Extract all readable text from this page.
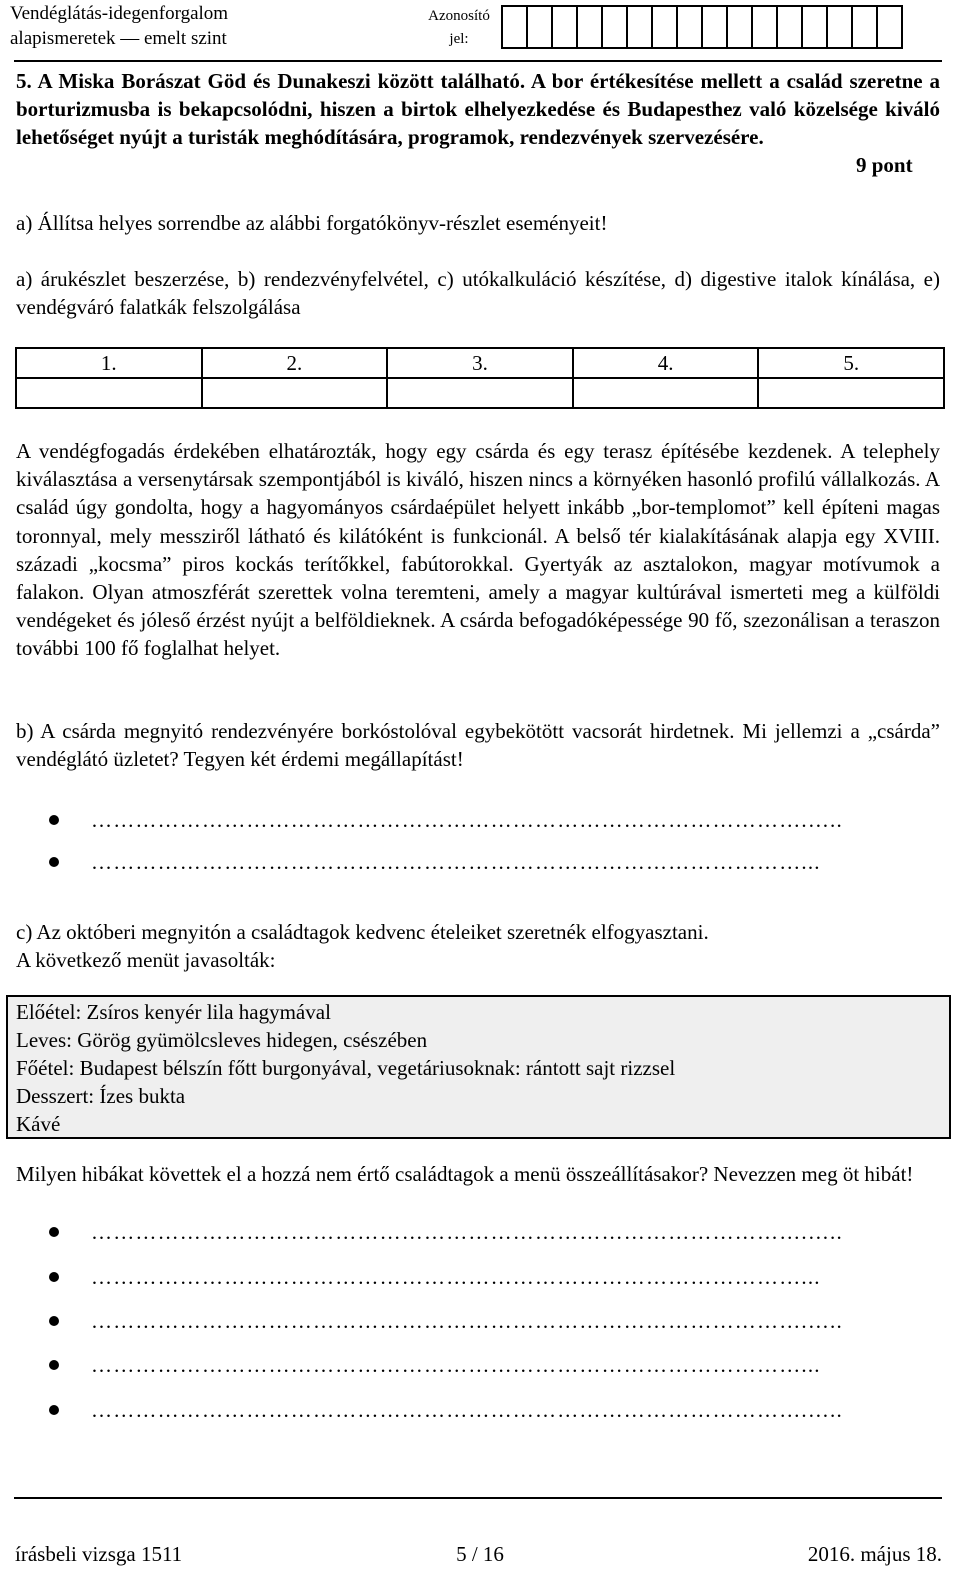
Vendéglátás-idegenforgalom
alapismeretek — emelt szint
Azonosító
jel:
5. A Miska Borászat Göd és Dunakeszi között található. A bor értékesítése mellett a család szeretne a borturizmusba is bekapcsolódni, hiszen a birtok elhelyezkedése és Budapesthez való közelsége kiváló lehetőséget nyújt a turisták meghódítására, programok, rendezvények szervezésére.
9 pont
a) Állítsa helyes sorrendbe az alábbi forgatókönyv-részlet eseményeit!
a) árukészlet beszerzése, b) rendezvényfelvétel, c) utókalkuláció készítése, d) digestive italok kínálása, e) vendégváró falatkák felszolgálása
1.	2.	3.	4.	5.

A vendégfogadás érdekében elhatározták, hogy egy csárda és egy terasz építésébe kezdenek. A telephely kiválasztása a versenytársak szempontjából is kiváló, hiszen nincs a környéken hasonló profilú vállalkozás. A család úgy gondolta, hogy a hagyományos csárdaépület helyett inkább „bor-templomot” kell építeni magas toronnyal, mely messziről látható és kilátóként is funkcionál. A belső tér kialakításának alapja egy XVIII. századi „kocsma” piros kockás terítőkkel, fabútorokkal. Gyertyák az asztalokon, magyar motívumok a falakon. Olyan atmoszférát szerettek volna teremteni, amely a magyar kultúrával ismerteti meg a külföldi vendégeket és jóleső érzést nyújt a belföldieknek. A csárda befogadóképessége 90 fő, szezonálisan a teraszon további 100 fő foglalhat helyet.
b) A csárda megnyitó rendezvényére borkóstolóval egybekötött vacsorát hirdetnek. Mi jellemzi a „csárda” vendéglátó üzletet? Tegyen két érdemi megállapítást!
…………………………………………………………………………………….…..
……………………………………………………………………………………...
c) Az októberi megnyitón a családtagok kedvenc ételeiket szeretnék elfogyasztani.
A következő menüt javasolták:
Előétel: Zsíros kenyér lila hagymával
Leves: Görög gyümölcsleves hidegen, csészében
Főétel: Budapest bélszín főtt burgonyával, vegetáriusoknak: rántott sajt rizzsel
Desszert: Ízes bukta
Kávé
Milyen hibákat követtek el a hozzá nem értő családtagok a menü összeállításakor? Nevezzen meg öt hibát!
…………………………………………………………………………………….…..
……………………………………………………………………………………...
…………………………………………………………………………………….…..
……………………………………………………………………………………...
…………………………………………………………………………………….…..
írásbeli vizsga 1511	5 / 16	2016. május 18.
